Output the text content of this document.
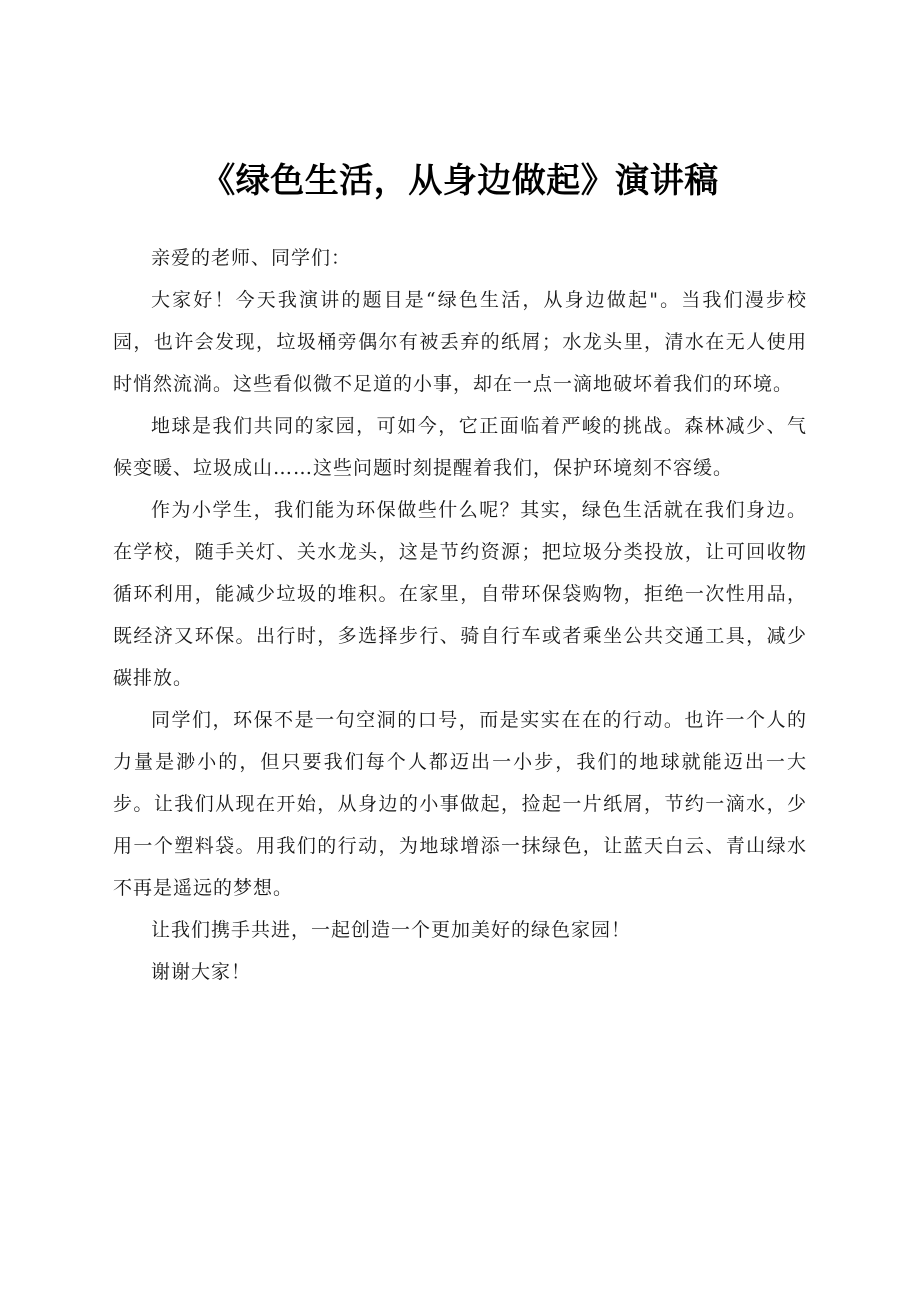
《绿色生活，从身边做起》演讲稿

亲爱的老师、同学们：

大家好！今天我演讲的题目是“绿色生活，从身边做起"。当我们漫步校园，也许会发现，垃圾桶旁偶尔有被丢弃的纸屑；水龙头里，清水在无人使用时悄然流淌。这些看似微不足道的小事，却在一点一滴地破坏着我们的环境。

地球是我们共同的家园，可如今，它正面临着严峻的挑战。森林减少、气候变暖、垃圾成山……这些问题时刻提醒着我们，保护环境刻不容缓。

作为小学生，我们能为环保做些什么呢？其实，绿色生活就在我们身边。在学校，随手关灯、关水龙头，这是节约资源；把垃圾分类投放，让可回收物循环利用，能减少垃圾的堆积。在家里，自带环保袋购物，拒绝一次性用品，既经济又环保。出行时，多选择步行、骑自行车或者乘坐公共交通工具，减少碳排放。

同学们，环保不是一句空洞的口号，而是实实在在的行动。也许一个人的力量是渺小的，但只要我们每个人都迈出一小步，我们的地球就能迈出一大步。让我们从现在开始，从身边的小事做起，捡起一片纸屑，节约一滴水，少用一个塑料袋。用我们的行动，为地球增添一抹绿色，让蓝天白云、青山绿水不再是遥远的梦想。

让我们携手共进，一起创造一个更加美好的绿色家园！

谢谢大家！
